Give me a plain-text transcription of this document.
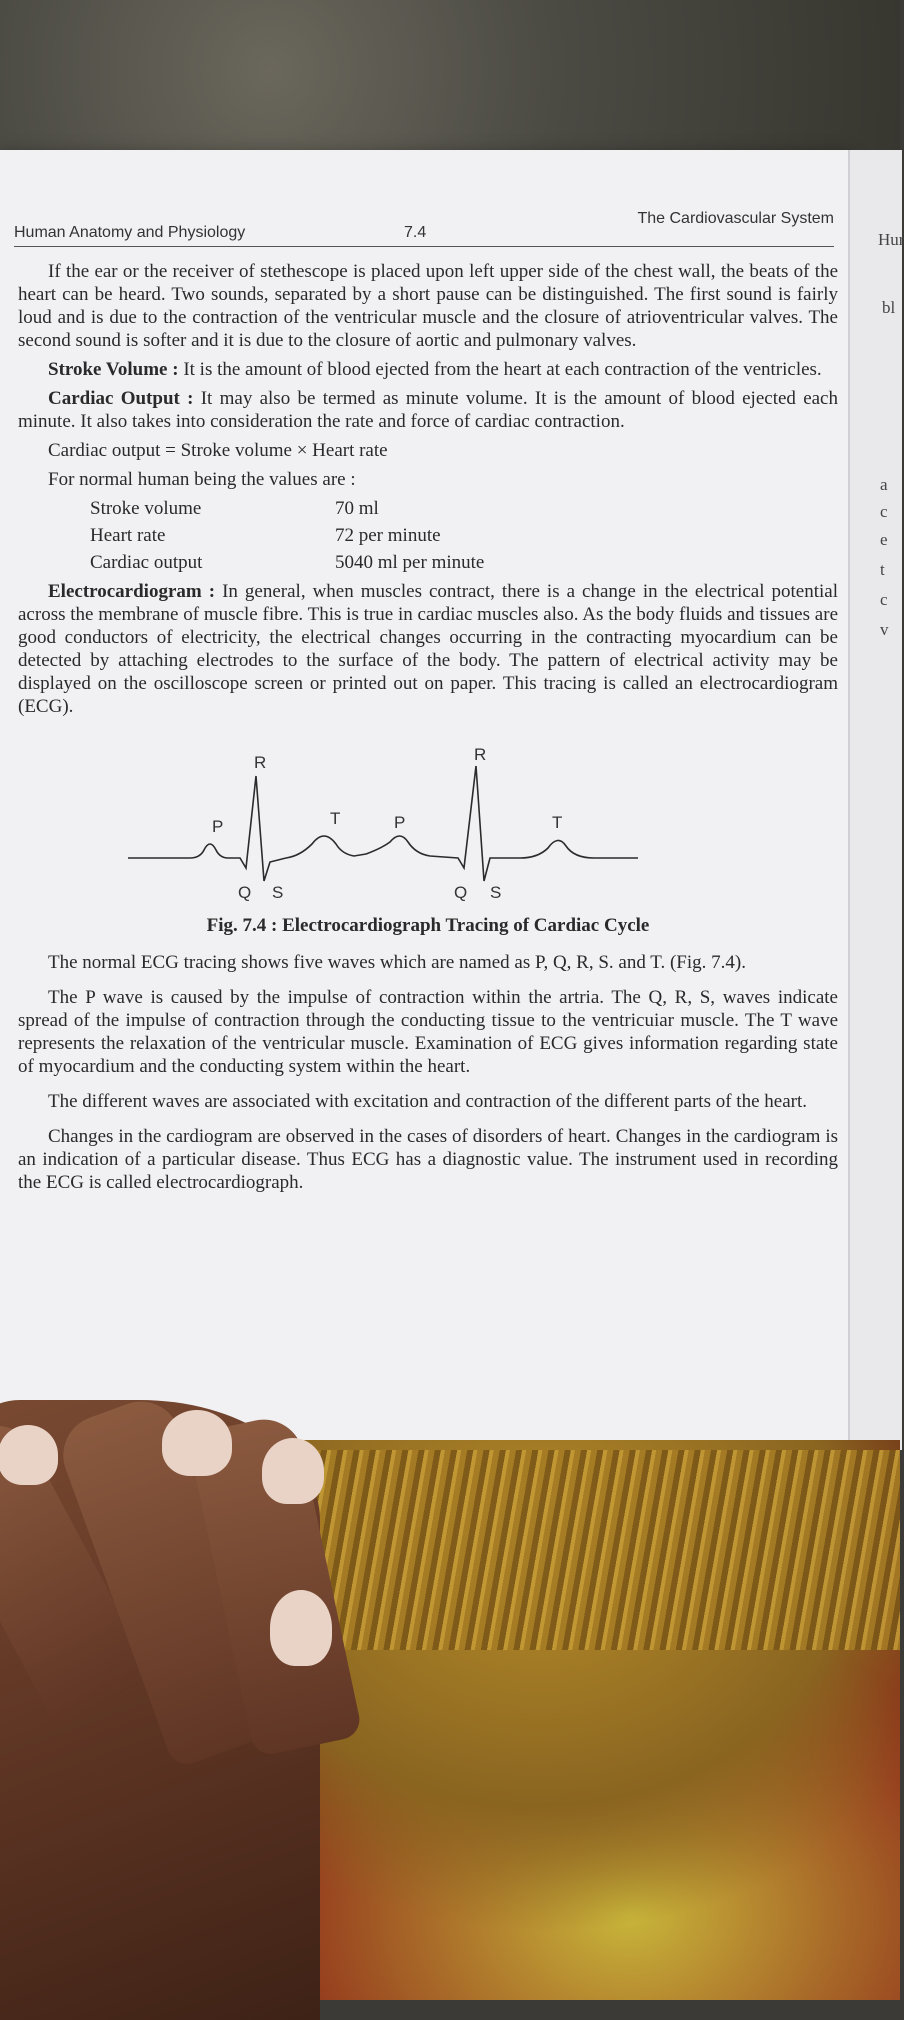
Human Anatomy and Physiology	7.4
The Cardiovascular System

If the ear or the receiver of stethescope is placed upon left upper side of the chest wall, the beats of the heart can be heard. Two sounds, separated by a short pause can be distinguished. The first sound is fairly loud and is due to the contraction of the ventricular muscle and the closure of atrioventricular valves. The second sound is softer and it is due to the closure of aortic and pulmonary valves.

Stroke Volume : It is the amount of blood ejected from the heart at each contraction of the ventricles.

Cardiac Output : It may also be termed as minute volume. It is the amount of blood ejected each minute. It also takes into consideration the rate and force of cardiac contraction.

Cardiac output = Stroke volume × Heart rate
For normal human being the values are :
Stroke volume	70 ml
Heart rate	72 per minute
Cardiac output	5040 ml per minute

Electrocardiogram : In general, when muscles contract, there is a change in the electrical potential across the membrane of muscle fibre. This is true in cardiac muscles also. As the body fluids and tissues are good conductors of electricity, the electrical changes occurring in the contracting myocardium can be detected by attaching electrodes to the surface of the body. The pattern of electrical activity may be displayed on the oscilloscope screen or printed out on paper. This tracing is called an electrocardiogram (ECG).

P
R
Q S
T	P
R
Q S
T
Fig. 7.4 : Electrocardiograph Tracing of Cardiac Cycle

The normal ECG tracing shows five waves which are named as P, Q, R, S. and T. (Fig. 7.4).

The P wave is caused by the impulse of contraction within the artria. The Q, R, S, waves indicate spread of the impulse of contraction through the conducting tissue to the ventricuiar muscle. The T wave represents the relaxation of the ventricular muscle. Examination of ECG gives information regarding state of myocardium and the conducting system within the heart.

The different waves are associated with excitation and contraction of the different parts of the heart.

Changes in the cardiogram are observed in the cases of disorders of heart. Changes in the cardiogram is an indication of a particular disease. Thus ECG has a diagnostic value. The instrument used in recording the ECG is called electrocardiograph.

Hur
bl
a
c
e
t
c
v
